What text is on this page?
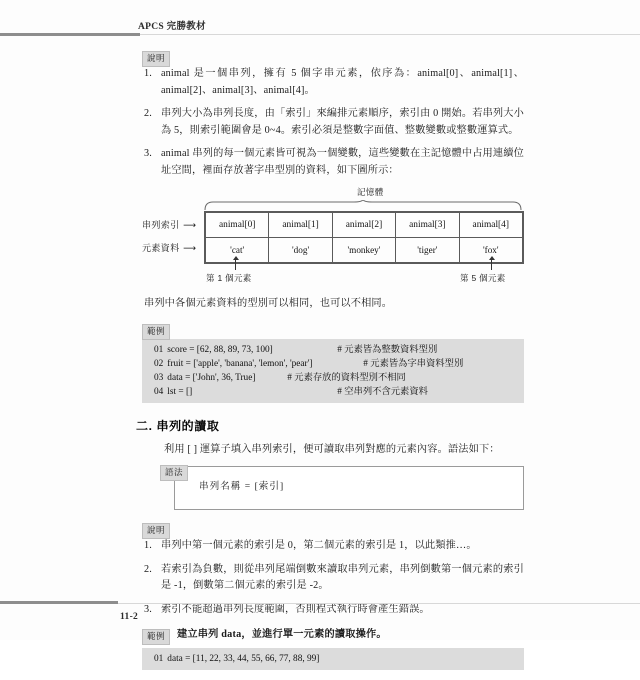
APCS 完勝教材
說明
1. animal 是一個串列，擁有 5 個字串元素，依序為：animal[0]、animal[1]、animal[2]、animal[3]、animal[4]。
2. 串列大小為串列長度，由「索引」來編排元素順序，索引由 0 開始。若串列大小為 5，則索引範圍會是 0~4。索引必須是整數字面值、整數變數或整數運算式。
3. animal 串列的每一個元素皆可視為一個變數，這些變數在主記憶體中占用連續位址空間，裡面存放著字串型別的資料，如下圖所示：
記憶體
串列索引 ⟶
元素資料 ⟶
animal[0]	animal[1]	animal[2]	animal[3]	animal[4]
'cat'	'dog'	'monkey'	'tiger'	'fox'
第 1 個元素	第 5 個元素
串列中各個元素資料的型別可以相同，也可以不相同。
範例
01 score = [62, 88, 89, 73, 100]	# 元素皆為整數資料型別
02 fruit = ['apple', 'banana', 'lemon', 'pear']	# 元素皆為字串資料型別
03 data = ['John', 36, True]	# 元素存放的資料型別不相同
04 lst = []	# 空串列不含元素資料
二. 串列的讀取
利用 [ ] 運算子填入串列索引，便可讀取串列對應的元素內容。語法如下：
語法
串列名稱 = [索引]
說明
1. 串列中第一個元素的索引是 0，第二個元素的索引是 1，以此類推…。
2. 若索引為負數，則從串列尾端倒數來讀取串列元素，串列倒數第一個元素的索引是 -1，倒數第二個元素的索引是 -2。
3. 索引不能超過串列長度範圍，否則程式執行時會產生錯誤。
範例	建立串列 data，並進行單一元素的讀取操作。
01 data = [11, 22, 33, 44, 55, 66, 77, 88, 99]
11-2
